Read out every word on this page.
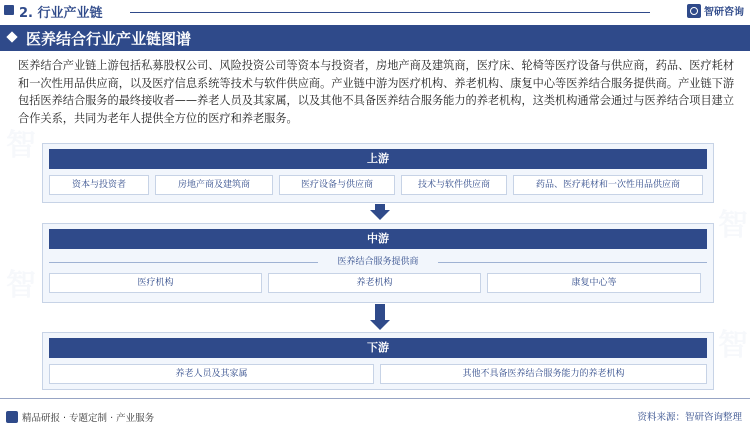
智
智
智
智
2. 行业产业链	智研咨询
医养结合行业产业链图谱
医养结合产业链上游包括私募股权公司、风险投资公司等资本与投资者，房地产商及建筑商，医疗床、轮椅等医疗设备与供应商，药品、医疗耗材和一次性用品供应商，以及医疗信息系统等技术与软件供应商。产业链中游为医疗机构、养老机构、康复中心等医养结合服务提供商。产业链下游包括医养结合服务的最终接收者——养老人员及其家属，以及其他不具备医养结合服务能力的养老机构，这类机构通常会通过与医养结合项目建立合作关系，共同为老年人提供全方位的医疗和养老服务。
上游
资本与投资者	房地产商及建筑商	医疗设备与供应商	技术与软件供应商	药品、医疗耗材和一次性用品供应商
中游
医养结合服务提供商
医疗机构	养老机构	康复中心等
下游
养老人员及其家属	其他不具备医养结合服务能力的养老机构
精品研报 · 专题定制 · 产业服务	资料来源：智研咨询整理
